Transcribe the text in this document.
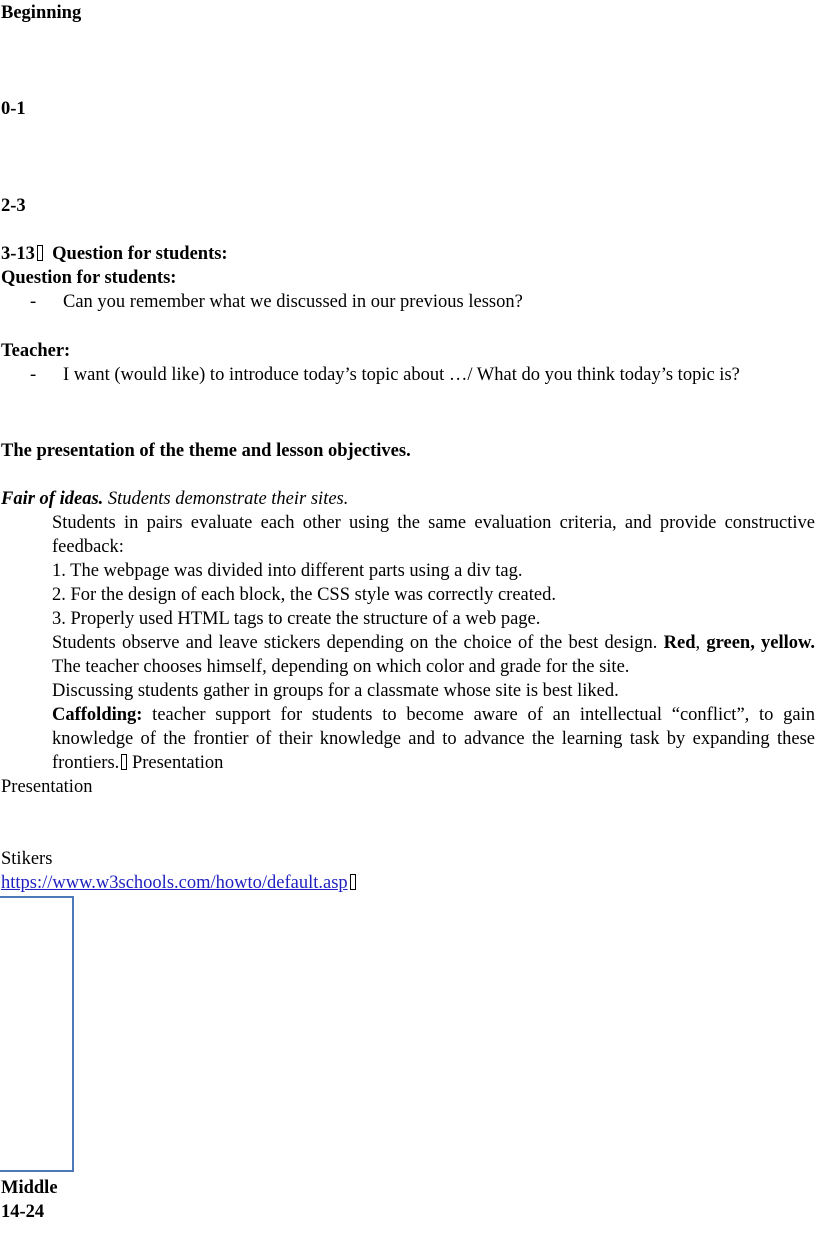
Beginning
0-1
2-3
3-13 Question for students:
Question for students:
- Can you remember what we discussed in our previous lesson?
Teacher:
- I want (would like) to introduce today’s topic about …/ What do you think today’s topic is?
The presentation of the theme and lesson objectives.
Fair of ideas. Students demonstrate their sites.
Students in pairs evaluate each other using the same evaluation criteria, and provide constructive feedback:
1. The webpage was divided into different parts using a div tag.
2. For the design of each block, the CSS style was correctly created.
3. Properly used HTML tags to create the structure of a web page.
Students observe and leave stickers depending on the choice of the best design. Red, green, yellow. The teacher chooses himself, depending on which color and grade for the site.
Discussing students gather in groups for a classmate whose site is best liked.
Caffolding: teacher support for students to become aware of an intellectual “conflict”, to gain knowledge of the frontier of their knowledge and to advance the learning task by expanding these frontiers. Presentation
Presentation
Stikers
https://www.w3schools.com/howto/default.asp
Middle
14-24
